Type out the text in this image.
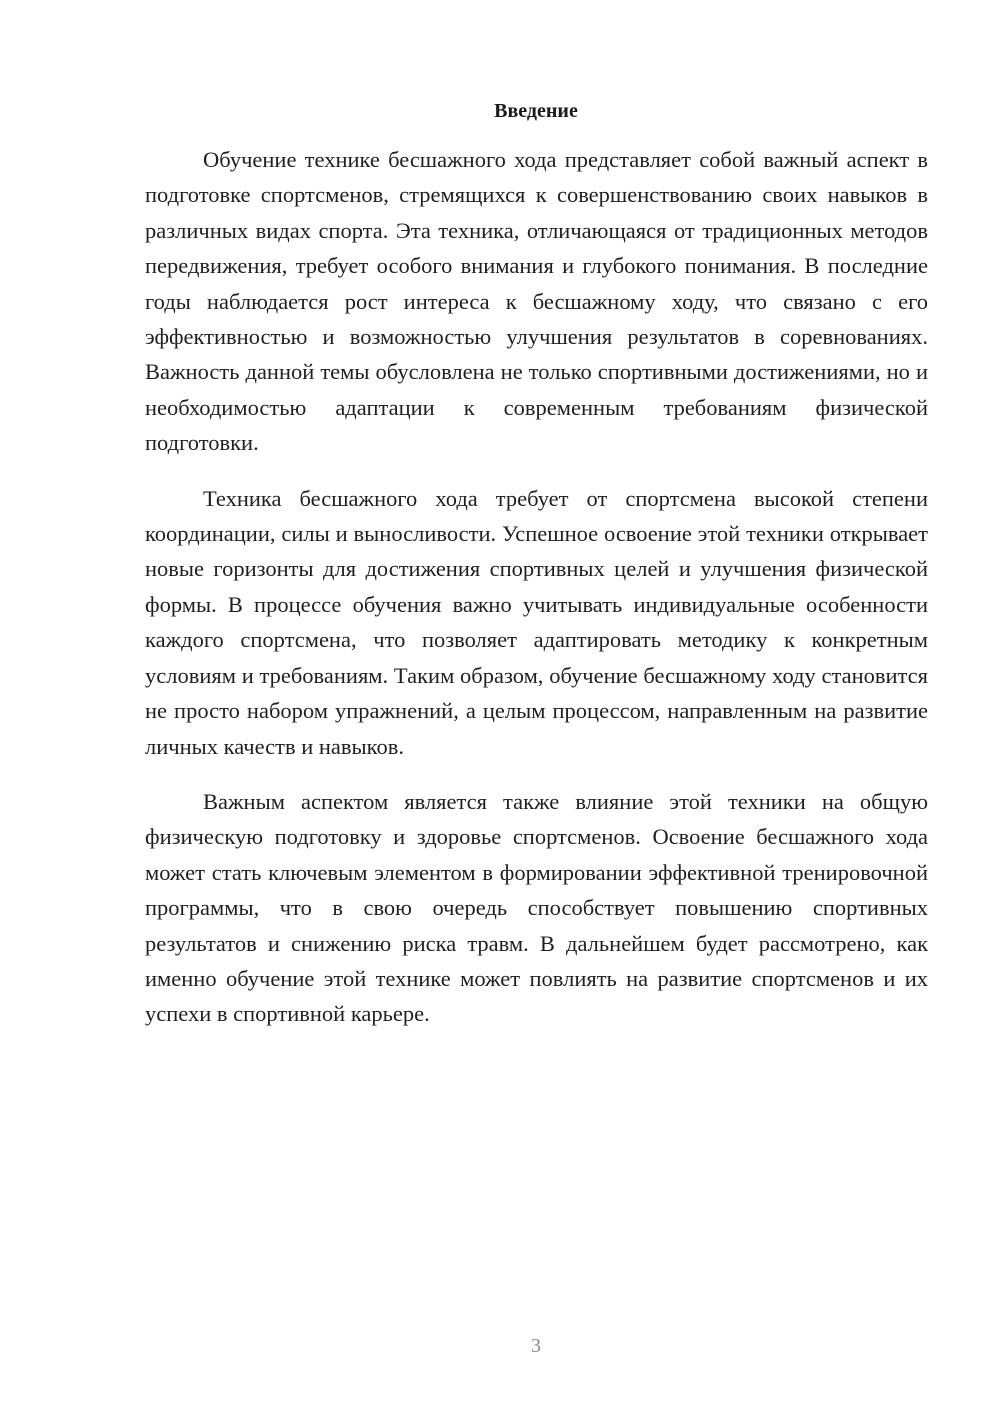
Введение

Обучение технике бесшажного хода представляет собой важный аспект в подготовке спортсменов, стремящихся к совершенствованию своих навыков в различных видах спорта. Эта техника, отличающаяся от традиционных методов передвижения, требует особого внимания и глубокого понимания. В последние годы наблюдается рост интереса к бесшажному ходу, что связано с его эффективностью и возможностью улучшения результатов в соревнованиях. Важность данной темы обусловлена не только спортивными достижениями, но и необходимостью адаптации к современным требованиям физической подготовки.

Техника бесшажного хода требует от спортсмена высокой степени координации, силы и выносливости. Успешное освоение этой техники открывает новые горизонты для достижения спортивных целей и улучшения физической формы. В процессе обучения важно учитывать индивидуальные особенности каждого спортсмена, что позволяет адаптировать методику к конкретным условиям и требованиям. Таким образом, обучение бесшажному ходу становится не просто набором упражнений, а целым процессом, направленным на развитие личных качеств и навыков.

Важным аспектом является также влияние этой техники на общую физическую подготовку и здоровье спортсменов. Освоение бесшажного хода может стать ключевым элементом в формировании эффективной тренировочной программы, что в свою очередь способствует повышению спортивных результатов и снижению риска травм. В дальнейшем будет рассмотрено, как именно обучение этой технике может повлиять на развитие спортсменов и их успехи в спортивной карьере.

3
